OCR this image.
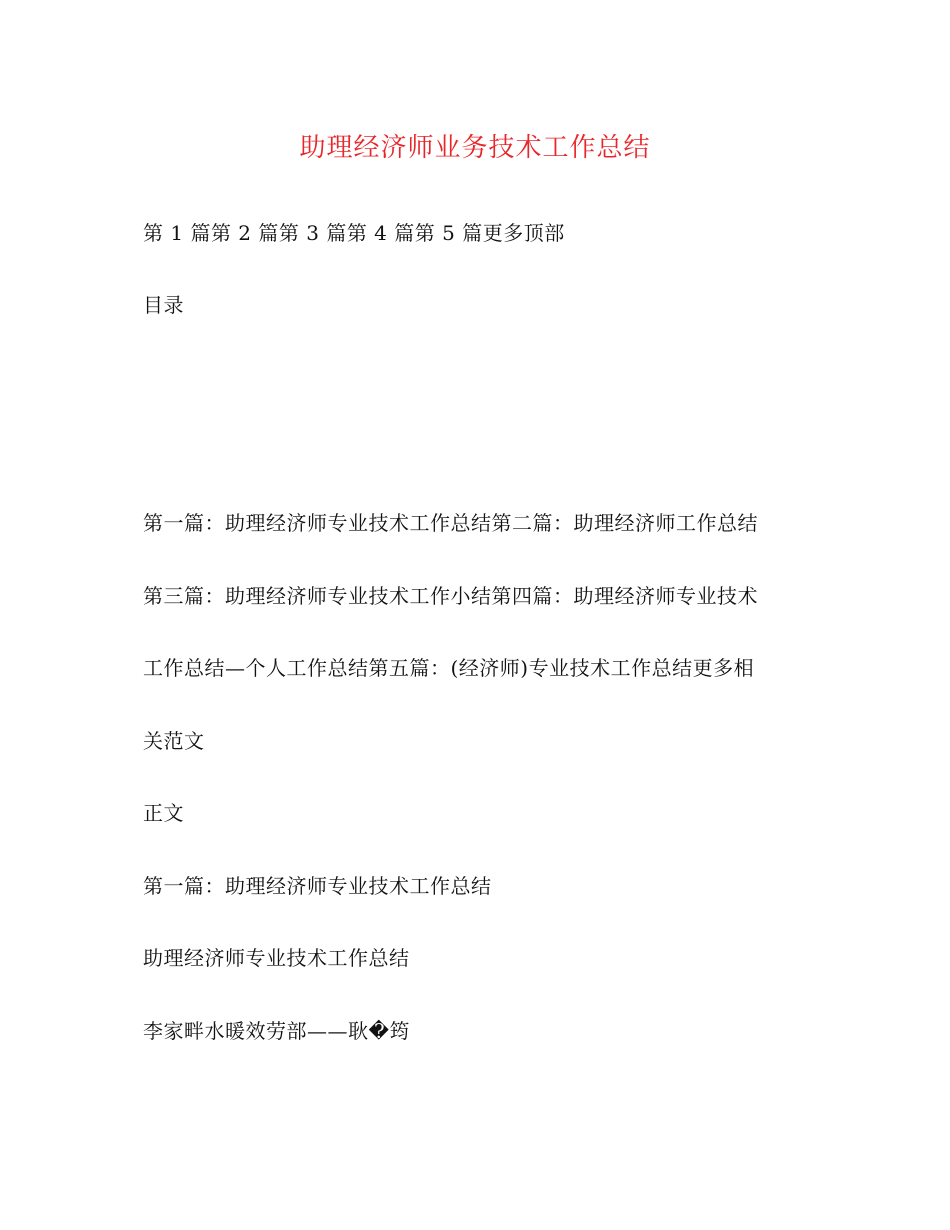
助理经济师业务技术工作总结
第 1 篇第 2 篇第 3 篇第 4 篇第 5 篇更多顶部
目录
第一篇：助理经济师专业技术工作总结第二篇：助理经济师工作总结
第三篇：助理经济师专业技术工作小结第四篇：助理经济师专业技术
工作总结—个人工作总结第五篇：(经济师)专业技术工作总结更多相
关范文
正文
第一篇：助理经济师专业技术工作总结
助理经济师专业技术工作总结
李家畔水暖效劳部——耿�筠
